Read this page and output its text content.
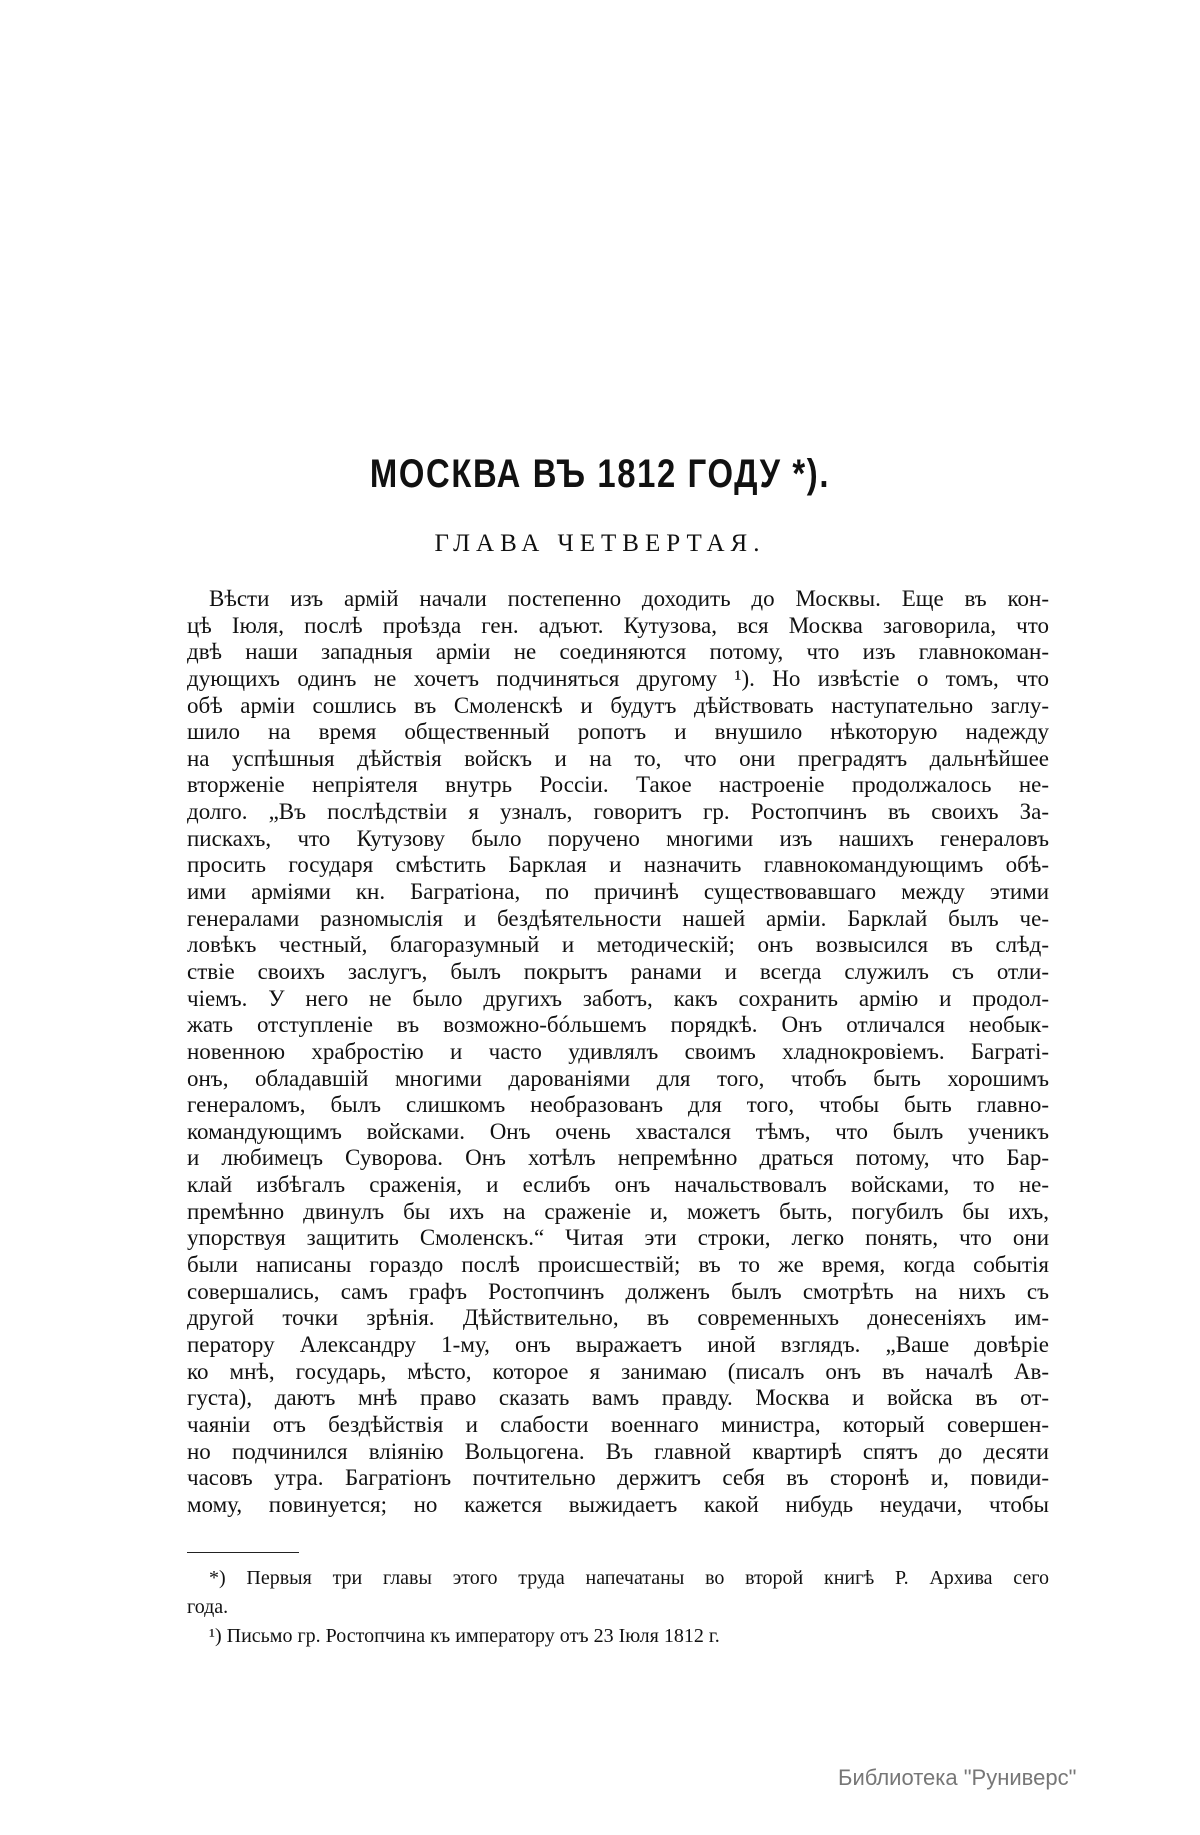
МОСКВА ВЪ 1812 ГОДУ *).
ГЛАВА ЧЕТВЕРТАЯ.
Вѣсти изъ армій начали постепенно доходить до Москвы. Еще въ кон-
цѣ Іюля, послѣ проѣзда ген. адъют. Кутузова, вся Москва заговорила, что
двѣ наши западныя арміи не соединяются потому, что изъ главнокоман-
дующихъ одинъ не хочетъ подчиняться другому ¹). Но извѣстіе о томъ, что
обѣ арміи сошлись въ Смоленскѣ и будутъ дѣйствовать наступательно заглу-
шило на время общественный ропотъ и внушило нѣкоторую надежду
на успѣшныя дѣйствія войскъ и на то, что они преградятъ дальнѣйшее
вторженіе непріятеля внутрь Россіи. Такое настроеніе продолжалось не-
долго. „Въ послѣдствіи я узналъ, говоритъ гр. Ростопчинъ въ своихъ За-
пискахъ, что Кутузову было поручено многими изъ нашихъ генераловъ
просить государя смѣстить Барклая и назначить главнокомандующимъ обѣ-
ими арміями кн. Багратіона, по причинѣ существовавшаго между этими
генералами разномыслія и бездѣятельности нашей арміи. Барклай былъ че-
ловѣкъ честный, благоразумный и методическій; онъ возвысился въ слѣд-
ствіе своихъ заслугъ, былъ покрытъ ранами и всегда служилъ съ отли-
чіемъ. У него не было другихъ заботъ, какъ сохранить армію и продол-
жать отступленіе въ возможно-бóльшемъ порядкѣ. Онъ отличался необык-
новенною храбростію и часто удивлялъ своимъ хладнокровіемъ. Баграті-
онъ, обладавшій многими дарованіями для того, чтобъ быть хорошимъ
генераломъ, былъ слишкомъ необразованъ для того, чтобы быть главно-
командующимъ войсками. Онъ очень хвастался тѣмъ, что былъ ученикъ
и любимецъ Суворова. Онъ хотѣлъ непремѣнно драться потому, что Бар-
клай избѣгалъ сраженія, и еслибъ онъ начальствовалъ войсками, то не-
премѣнно двинулъ бы ихъ на сраженіе и, можетъ быть, погубилъ бы ихъ,
упорствуя защитить Смоленскъ.“ Читая эти строки, легко понять, что они
были написаны гораздо послѣ происшествій; въ то же время, когда событія
совершались, самъ графъ Ростопчинъ долженъ былъ смотрѣть на нихъ съ
другой точки зрѣнія. Дѣйствительно, въ современныхъ донесеніяхъ им-
ператору Александру 1-му, онъ выражаетъ иной взглядъ. „Ваше довѣріе
ко мнѣ, государь, мѣсто, которое я занимаю (писалъ онъ въ началѣ Ав-
густа), даютъ мнѣ право сказать вамъ правду. Москва и войска въ от-
чаяніи отъ бездѣйствія и слабости военнаго министра, который совершен-
но подчинился вліянію Вольцогена. Въ главной квартирѣ спятъ до десяти
часовъ утра. Багратіонъ почтительно держитъ себя въ сторонѣ и, повиди-
мому, повинуется; но кажется выжидаетъ какой нибудь неудачи, чтобы
*) Первыя три главы этого труда напечатаны во второй книгѣ Р. Архива сего
года.
¹) Письмо гр. Ростопчина къ императору отъ 23 Іюля 1812 г.
Библиотека "Руниверс"
